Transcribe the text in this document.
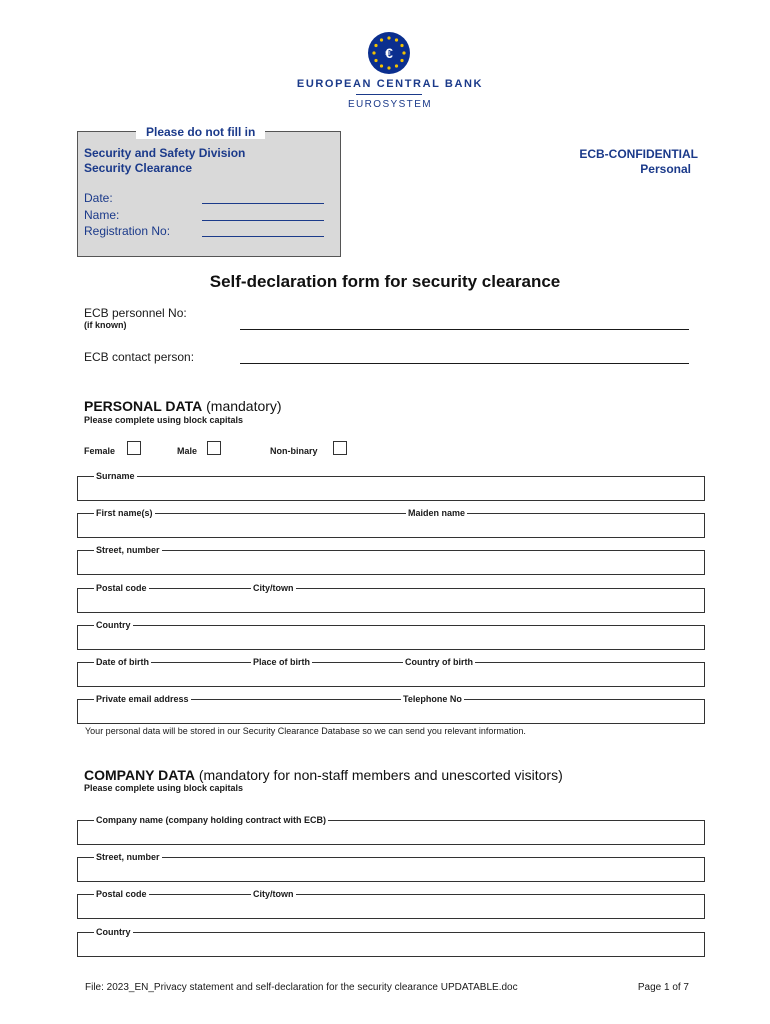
€
EUROPEAN CENTRAL BANK
EUROSYSTEM
Please do not fill in
Security and Safety Division
Security Clearance
Date:
Name:
Registration No:
ECB-CONFIDENTIAL
Personal
Self-declaration form for security clearance
ECB personnel No:
(if known)
ECB contact person:
PERSONAL DATA (mandatory)
Please complete using block capitals
Female	Male	Non-binary
Surname
First name(s)	Maiden name
Street, number
Postal code	City/town
Country
Date of birth	Place of birth	Country of birth
Private email address	Telephone No
Your personal data will be stored in our Security Clearance Database so we can send you relevant information.
COMPANY DATA (mandatory for non-staff members and unescorted visitors)
Please complete using block capitals
Company name (company holding contract with ECB)
Street, number
Postal code	City/town
Country
File: 2023_EN_Privacy statement and self-declaration for the security clearance UPDATABLE.doc	Page 1 of 7
